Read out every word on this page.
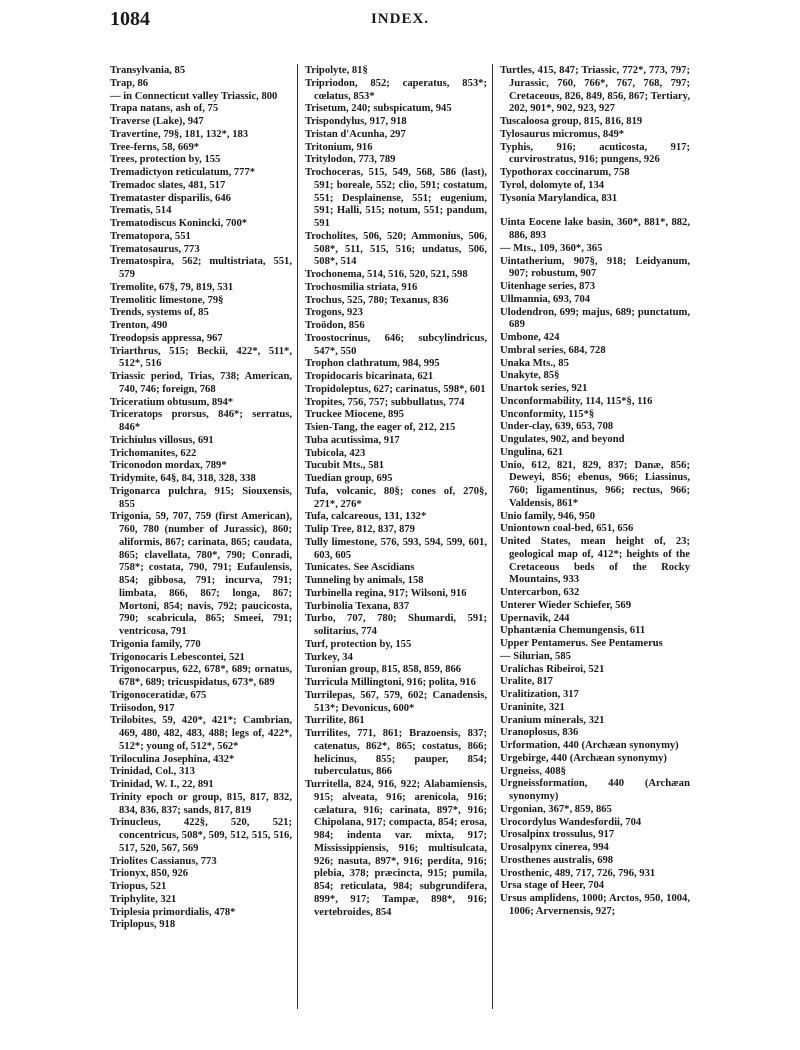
1084	INDEX.
Transylvania, 85
Trap, 86
— in Connecticut valley Triassic, 800
Trapa natans, ash of, 75
Traverse (Lake), 947
Travertine, 79§, 181, 132*, 183
Tree-ferns, 58, 669*
Trees, protection by, 155
Tremadictyon reticulatum, 777*
Tremadoc slates, 481, 517
Tremataster disparilis, 646
Trematis, 514
Trematodiscus Konincki, 700*
Trematopora, 551
Trematosaurus, 773
Trematospira, 562; multistriata, 551, 579
Tremolite, 67§, 79, 819, 531
Tremolitic limestone, 79§
Trends, systems of, 85
Trenton, 490
Treodopsis appressa, 967
Triarthrus, 515; Beckii, 422*, 511*, 512*, 516
Triassic period, Trias, 738; American, 740, 746; foreign, 768
Triceratium obtusum, 894*
Triceratops prorsus, 846*; serratus, 846*
Trichiulus villosus, 691
Trichomanites, 622
Triconodon mordax, 789*
Tridymite, 64§, 84, 318, 328, 338
Trigonarca pulchra, 915; Siouxensis, 855
Trigonia, 59, 707, 759 (first American), 760, 780 (number of Jurassic), 860; aliformis, 867; carinata, 865; caudata, 865; clavellata, 780*, 790; Conradi, 758*; costata, 790, 791; Eufaulensis, 854; gibbosa, 791; incurva, 791; limbata, 866, 867; longa, 867; Mortoni, 854; navis, 792; paucicosta, 790; scabricula, 865; Smeei, 791; ventricosa, 791
Trigonia family, 770
Trigonocaris Lebescontei, 521
Trigonocarpus, 622, 678*, 689; ornatus, 678*, 689; tricuspidatus, 673*, 689
Trigonoceratidæ, 675
Triisodon, 917
Trilobites, 59, 420*, 421*; Cambrian, 469, 480, 482, 483, 488; legs of, 422*, 512*; young of, 512*, 562*
Triloculina Josephina, 432*
Trinidad, Col., 313
Trinidad, W. I., 22, 891
Trinity epoch or group, 815, 817, 832, 834, 836, 837; sands, 817, 819
Trinucleus, 422§, 520, 521; concentricus, 508*, 509, 512, 515, 516, 517, 520, 567, 569
Triolites Cassianus, 773
Trionyx, 850, 926
Triopus, 521
Triphylite, 321
Triplesia primordialis, 478*
Triplopus, 918
Tripolyte, 81§
Tripriodon, 852; caperatus, 853*; cœlatus, 853*
Trisetum, 240; subspicatum, 945
Trispondylus, 917, 918
Tristan d'Acunha, 297
Tritonium, 916
Tritylodon, 773, 789
Trochoceras, 515, 549, 568, 586 (last), 591; boreale, 552; clio, 591; costatum, 551; Desplainense, 551; eugenium, 591; Halli, 515; notum, 551; pandum, 591
Trocholites, 506, 520; Ammonius, 506, 508*, 511, 515, 516; undatus, 506, 508*, 514
Trochonema, 514, 516, 520, 521, 598
Trochosmilia striata, 916
Trochus, 525, 780; Texanus, 836
Trogons, 923
Troödon, 856
Troostocrinus, 646; subcylindricus, 547*, 550
Trophon clathratum, 984, 995
Tropidocaris bicarinata, 621
Tropidoleptus, 627; carinatus, 598*, 601
Tropites, 756, 757; subbullatus, 774
Truckee Miocene, 895
Tsien-Tang, the eager of, 212, 215
Tuba acutissima, 917
Tubicola, 423
Tucubit Mts., 581
Tuedian group, 695
Tufa, volcanic, 80§; cones of, 270§, 271*, 276*
Tufa, calcareous, 131, 132*
Tulip Tree, 812, 837, 879
Tully limestone, 576, 593, 594, 599, 601, 603, 605
Tunicates. See Ascidians
Tunneling by animals, 158
Turbinella regina, 917; Wilsoni, 916
Turbinolia Texana, 837
Turbo, 707, 780; Shumardi, 591; solitarius, 774
Turf, protection by, 155
Turkey, 34
Turonian group, 815, 858, 859, 866
Turricula Millingtoni, 916; polita, 916
Turrilepas, 567, 579, 602; Canadensis, 513*; Devonicus, 600*
Turrilite, 861
Turrilites, 771, 861; Brazoensis, 837; catenatus, 862*, 865; costatus, 866; helicinus, 855; pauper, 854; tuberculatus, 866
Turritella, 824, 916, 922; Alabamiensis, 915; alveata, 916; arenicola, 916; cælatura, 916; carinata, 897*, 916; Chipolana, 917; compacta, 854; erosa, 984; indenta var. mixta, 917; Mississippiensis, 916; multisulcata, 926; nasuta, 897*, 916; perdita, 916; plebia, 378; præcincta, 915; pumila, 854; reticulata, 984; subgrundifera, 899*, 917; Tampæ, 898*, 916; vertebroides, 854
Turtles, 415, 847; Triassic, 772*, 773, 797; Jurassic, 760, 766*, 767, 768, 797; Cretaceous, 826, 849, 856, 867; Tertiary, 202, 901*, 902, 923, 927
Tuscaloosa group, 815, 816, 819
Tylosaurus micromus, 849*
Typhis, 916; acuticosta, 917; curvirostratus, 916; pungens, 926
Typothorax coccinarum, 758
Tyrol, dolomyte of, 134
Tysonia Marylandica, 831
Uinta Eocene lake basin, 360*, 881*, 882, 886, 893
— Mts., 109, 360*, 365
Uintatherium, 907§, 918; Leidyanum, 907; robustum, 907
Uitenhage series, 873
Ullmannia, 693, 704
Ulodendron, 699; majus, 689; punctatum, 689
Umbone, 424
Umbral series, 684, 728
Unaka Mts., 85
Unakyte, 85§
Unartok series, 921
Unconformability, 114, 115*§, 116
Unconformity, 115*§
Under-clay, 639, 653, 708
Ungulates, 902, and beyond
Ungulina, 621
Unio, 612, 821, 829, 837; Danæ, 856; Deweyi, 856; ebenus, 966; Liassinus, 760; ligamentinus, 966; rectus, 966; Valdensis, 861*
Unio family, 946, 950
Uniontown coal-bed, 651, 656
United States, mean height of, 23; geological map of, 412*; heights of the Cretaceous beds of the Rocky Mountains, 933
Untercarbon, 632
Unterer Wieder Schiefer, 569
Upernavik, 244
Uphantænia Chemungensis, 611
Upper Pentamerus. See Pentamerus
— Silurian, 585
Uralichas Ribeiroi, 521
Uralite, 817
Uralitization, 317
Uraninite, 321
Uranium minerals, 321
Uranoplosus, 836
Urformation, 440 (Archæan synonymy)
Urgebirge, 440 (Archæan synonymy)
Urgneiss, 408§
Urgneissformation, 440 (Archæan synonymy)
Urgonian, 367*, 859, 865
Urocordylus Wandesfordii, 704
Urosalpinx trossulus, 917
Urosalpynx cinerea, 994
Urosthenes australis, 698
Urosthenic, 489, 717, 726, 796, 931
Ursa stage of Heer, 704
Ursus amplidens, 1000; Arctos, 950, 1004, 1006; Arvernensis, 927;
